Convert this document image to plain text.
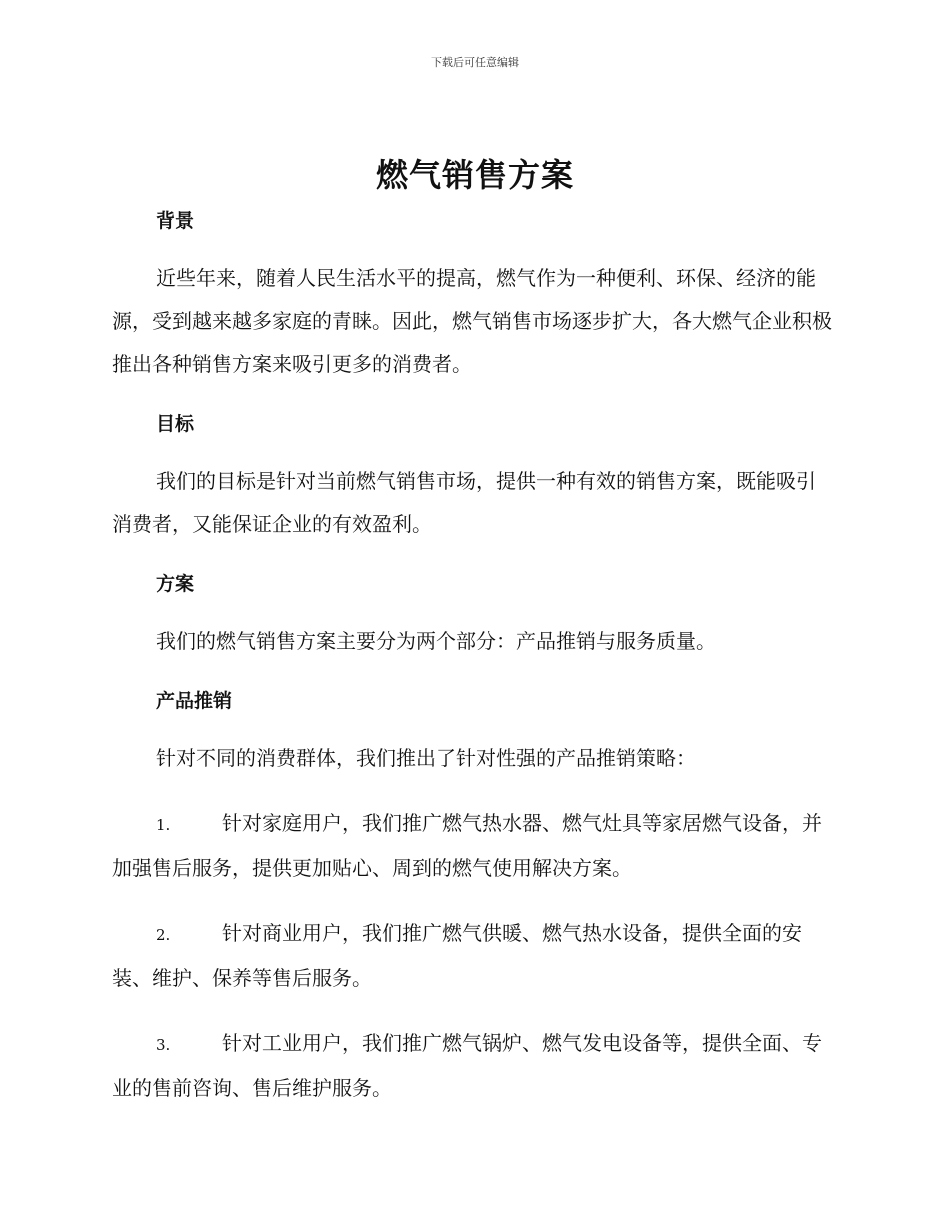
下载后可任意编辑
燃气销售方案
背景

近些年来，随着人民生活水平的提高，燃气作为一种便利、环保、经济的能源，受到越来越多家庭的青睐。因此，燃气销售市场逐步扩大，各大燃气企业积极推出各种销售方案来吸引更多的消费者。

目标

我们的目标是针对当前燃气销售市场，提供一种有效的销售方案，既能吸引消费者，又能保证企业的有效盈利。

方案

我们的燃气销售方案主要分为两个部分：产品推销与服务质量。

产品推销

针对不同的消费群体，我们推出了针对性强的产品推销策略：

1.	针对家庭用户，我们推广燃气热水器、燃气灶具等家居燃气设备，并加强售后服务，提供更加贴心、周到的燃气使用解决方案。
2.	针对商业用户，我们推广燃气供暖、燃气热水设备，提供全面的安装、维护、保养等售后服务。
3.	针对工业用户，我们推广燃气锅炉、燃气发电设备等，提供全面、专业的售前咨询、售后维护服务。
